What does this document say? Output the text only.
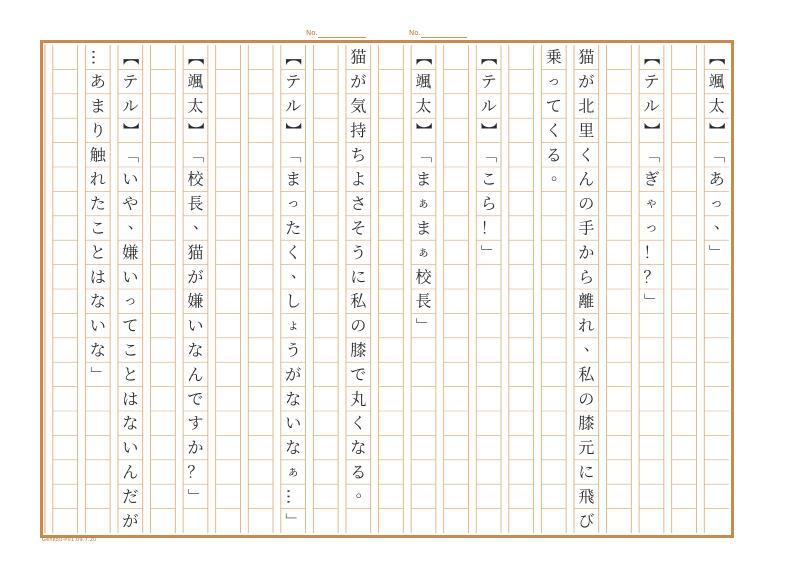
No.	No.
【
颯
太
】
「
あ
っ
、
」
【
テ
ル
】
「
ぎ
ゃ
っ
！
？
」
猫
が
北
里
く
ん
の
手
か
ら
離
れ
、
私
の
膝
元
に
飛
び
乗
っ
て
く
る
。
【
テ
ル
】
「
こ
ら
！
」
【
颯
太
】
「
ま
ぁ
ま
ぁ
校
長
」
猫
が
気
持
ち
よ
さ
そ
う
に
私
の
膝
で
丸
く
な
る
。
【
テ
ル
】
「
ま
っ
た
く
、
し
ょ
う
が
な
い
な
ぁ
…
」
【
颯
太
】
「
校
長
、
猫
が
嫌
い
な
ん
で
す
か
？
」
【
テ
ル
】
「
い
や
、
嫌
い
っ
て
こ
と
は
な
い
ん
だ
が
…
あ
ま
り
触
れ
た
こ
と
は
な
い
な
」
Genkou-P01 09.7.20
